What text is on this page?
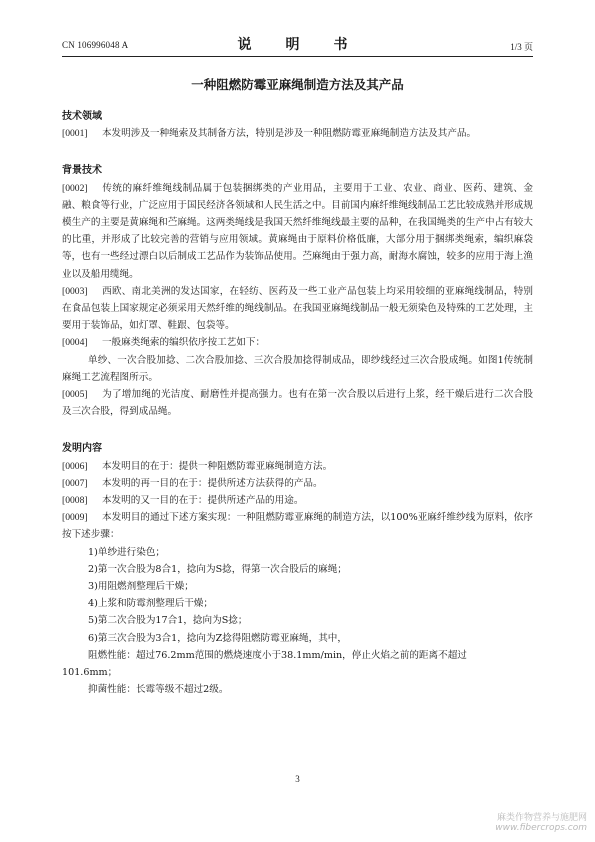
CN 106996048 A	说　明　书	1/3 页
一种阻燃防霉亚麻绳制造方法及其产品
技术领域

[0001]   本发明涉及一种绳索及其制备方法，特别是涉及一种阻燃防霉亚麻绳制造方法及其产品。

背景技术

[0002]   传统的麻纤维绳线制品属于包装捆绑类的产业用品，主要用于工业、农业、商业、医药、建筑、金融、粮食等行业，广泛应用于国民经济各领域和人民生活之中。目前国内麻纤维绳线制品工艺比较成熟并形成规模生产的主要是黄麻绳和苎麻绳。这两类绳线是我国天然纤维绳线最主要的品种，在我国绳类的生产中占有较大的比重，并形成了比较完善的营销与应用领域。黄麻绳由于原料价格低廉，大部分用于捆绑类绳索，编织麻袋等，也有一些经过漂白以后制成工艺品作为装饰品使用。苎麻绳由于强力高，耐海水腐蚀，较多的应用于海上渔业以及船用缆绳。

[0003]   西欧、南北美洲的发达国家，在轻纺、医药及一些工业产品包装上均采用较细的亚麻绳线制品，特别在食品包装上国家规定必须采用天然纤维的绳线制品。在我国亚麻绳线制品一般无须染色及特殊的工艺处理，主要用于装饰品，如灯罩、鞋跟、包袋等。

[0004]   一般麻类绳索的编织依序按工艺如下：

单纱、一次合股加捻、二次合股加捻、三次合股加捻得制成品，即纱线经过三次合股成绳。如图1传统制麻绳工艺流程图所示。

[0005]   为了增加绳的光洁度、耐磨性并提高强力。也有在第一次合股以后进行上浆，经干燥后进行二次合股及三次合股，得到成品绳。

发明内容

[0006]   本发明目的在于：提供一种阻燃防霉亚麻绳制造方法。

[0007]   本发明的再一目的在于：提供所述方法获得的产品。

[0008]   本发明的又一目的在于：提供所述产品的用途。

[0009]   本发明目的通过下述方案实现：一种阻燃防霉亚麻绳的制造方法，以100%亚麻纤维纱线为原料，依序按下述步骤：

1)单纱进行染色；

2)第一次合股为8合1，捻向为S捻，得第一次合股后的麻绳；

3)用阻燃剂整理后干燥；

4)上浆和防霉剂整理后干燥；

5)第二次合股为17合1，捻向为S捻；

6)第三次合股为3合1，捻向为Z捻得阻燃防霉亚麻绳，其中，

阻燃性能：超过76.2mm范围的燃烧速度小于38.1mm/min，停止火焰之前的距离不超过

101.6mm；

抑菌性能：长霉等级不超过2级。

3
麻类作物营养与施肥网
www.fibercrops.com
